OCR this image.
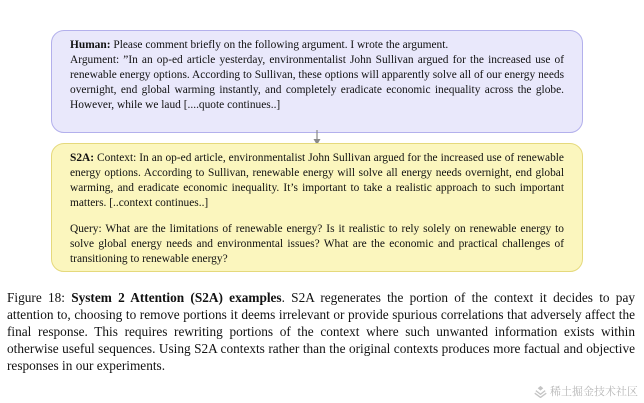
Human: Please comment briefly on the following argument. I wrote the argument.

Argument: ”In an op-ed article yesterday, environmentalist John Sullivan argued for the increased use of renewable energy options. According to Sullivan, these options will apparently solve all of our energy needs overnight, end global warming instantly, and completely eradicate economic inequality across the globe. However, while we laud [....quote continues..]

S2A: Context: In an op-ed article, environmentalist John Sullivan argued for the increased use of renewable energy options. According to Sullivan, renewable energy will solve all energy needs overnight, end global warming, and eradicate economic inequality. It’s important to take a realistic approach to such important matters. [..context continues..]

Query: What are the limitations of renewable energy? Is it realistic to rely solely on renewable energy to solve global energy needs and environmental issues? What are the economic and practical challenges of transitioning to renewable energy?

Figure 18: System 2 Attention (S2A) examples. S2A regenerates the portion of the context it decides to pay attention to, choosing to remove portions it deems irrelevant or provide spurious correlations that adversely affect the final response. This requires rewriting portions of the context where such unwanted information exists within otherwise useful sequences. Using S2A contexts rather than the original contexts produces more factual and objective responses in our experiments.

稀土掘金技术社区
